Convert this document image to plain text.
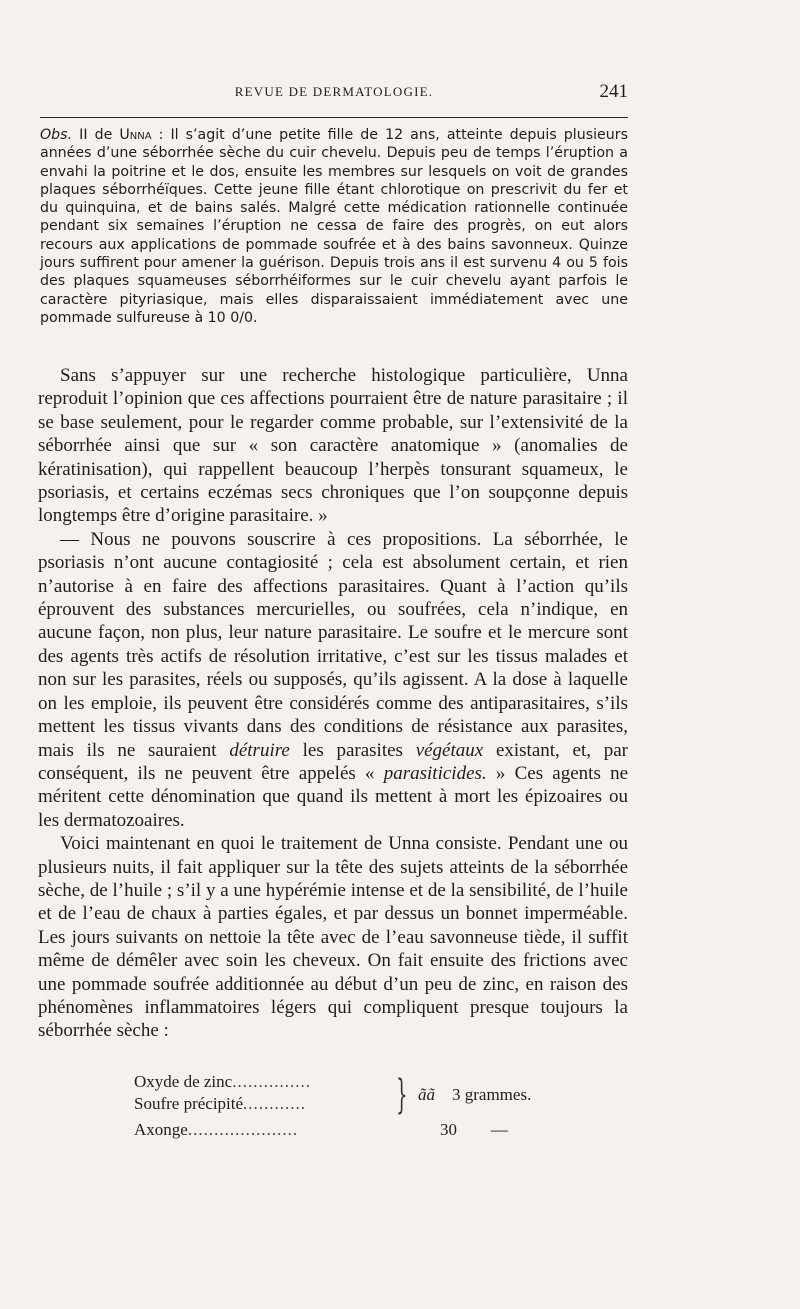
REVUE DE DERMATOLOGIE.	241
Obs. II de Unna : Il s’agit d’une petite fille de 12 ans, atteinte depuis plusieurs années d’une séborrhée sèche du cuir chevelu. Depuis peu de temps l’éruption a envahi la poitrine et le dos, ensuite les membres sur lesquels on voit de grandes plaques séborrhéïques. Cette jeune fille étant chlorotique on prescrivit du fer et du quinquina, et de bains salés. Malgré cette médication rationnelle continuée pendant six semaines l’éruption ne cessa de faire des progrès, on eut alors recours aux applications de pommade soufrée et à des bains savonneux. Quinze jours suffirent pour amener la guérison. Depuis trois ans il est survenu 4 ou 5 fois des plaques squameuses séborrhéiformes sur le cuir chevelu ayant parfois le caractère pityriasique, mais elles disparaissaient immédiatement avec une pommade sulfureuse à 10 0/0.

Sans s’appuyer sur une recherche histologique particulière, Unna reproduit l’opinion que ces affections pourraient être de nature parasitaire ; il se base seulement, pour le regarder comme probable, sur l’extensivité de la séborrhée ainsi que sur « son caractère anatomique » (anomalies de kératinisation), qui rappellent beaucoup l’herpès tonsurant squameux, le psoriasis, et certains eczémas secs chroniques que l’on soupçonne depuis longtemps être d’origine parasitaire. »

— Nous ne pouvons souscrire à ces propositions. La séborrhée, le psoriasis n’ont aucune contagiosité ; cela est absolument certain, et rien n’autorise à en faire des affections parasitaires. Quant à l’action qu’ils éprouvent des substances mercurielles, ou soufrées, cela n’indique, en aucune façon, non plus, leur nature parasitaire. Le soufre et le mercure sont des agents très actifs de résolution irritative, c’est sur les tissus malades et non sur les parasites, réels ou supposés, qu’ils agissent. A la dose à laquelle on les emploie, ils peuvent être considérés comme des antiparasitaires, s’ils mettent les tissus vivants dans des conditions de résistance aux parasites, mais ils ne sauraient détruire les parasites végétaux existant, et, par conséquent, ils ne peuvent être appelés « parasiticides. » Ces agents ne méritent cette dénomination que quand ils mettent à mort les épizoaires ou les dermatozoaires.

Voici maintenant en quoi le traitement de Unna consiste. Pendant une ou plusieurs nuits, il fait appliquer sur la tête des sujets atteints de la séborrhée sèche, de l’huile ; s’il y a une hypérémie intense et de la sensibilité, de l’huile et de l’eau de chaux à parties égales, et par dessus un bonnet imperméable. Les jours suivants on nettoie la tête avec de l’eau savonneuse tiède, il suffit même de démêler avec soin les cheveux. On fait ensuite des frictions avec une pommade soufrée additionnée au début d’un peu de zinc, en raison des phénomènes inflammatoires légers qui compliquent presque toujours la séborrhée sèche :

Oxyde de zinc...............
Soufre précipité............
Axonge.....................
} ãã 3 grammes.
30 —
